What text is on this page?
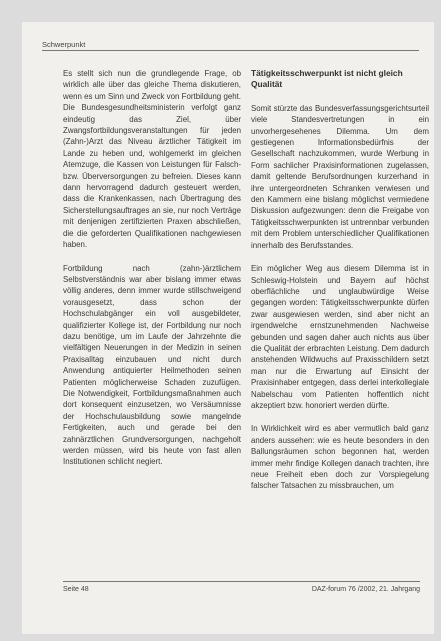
Schwerpunkt

Es stellt sich nun die grundlegende Frage, ob wirklich alle über das gleiche Thema diskutieren, wenn es um Sinn und Zweck von Fortbildung geht. Die Bundesgesundheitsministerin verfolgt ganz eindeutig das Ziel, über Zwangsfortbildungsveranstaltungen für jeden (Zahn-)Arzt das Niveau ärztlicher Tätigkeit im Lande zu heben und, wohlgemerkt im gleichen Atemzuge, die Kassen von Leistungen für Falsch- bzw. Überversorgungen zu befreien. Dieses kann dann hervorragend dadurch gesteuert werden, dass die Krankenkassen, nach Übertragung des Sicherstellungsauftrages an sie, nur noch Verträge mit denjenigen zertifizierten Praxen abschließen, die die geforderten Qualifikationen nachgewiesen haben.

Fortbildung nach (zahn-)ärztlichem Selbstverständnis war aber bislang immer etwas völlig anderes, denn immer wurde stillschweigend vorausgesetzt, dass schon der Hochschulabgänger ein voll ausgebildeter, qualifizierter Kollege ist, der Fortbildung nur noch dazu benötige, um im Laufe der Jahrzehnte die vielfältigen Neuerungen in der Medizin in seinen Praxisalltag einzubauen und nicht durch Anwendung antiquierter Heilmethoden seinen Patienten möglicherweise Schaden zuzufügen. Die Notwendigkeit, Fortbildungsmaßnahmen auch dort konsequent einzusetzen, wo Versäumnisse der Hochschulausbildung sowie mangelnde Fertigkeiten, auch und gerade bei den zahnärztlichen Grundversorgungen, nachgeholt werden müssen, wird bis heute von fast allen Institutionen schlicht negiert.

Tätigkeitsschwerpunkt ist nicht gleich Qualität

Somit stürzte das Bundesverfassungsgerichtsurteil viele Standesvertretungen in ein unvorhergesehenes Dilemma. Um dem gestiegenen Informationsbedürfnis der Gesellschaft nachzukommen, wurde Werbung in Form sachlicher Praxisinformationen zugelassen, damit geltende Berufsordnungen kurzerhand in ihre untergeordneten Schranken verwiesen und den Kammern eine bislang möglichst vermiedene Diskussion aufgezwungen: denn die Freigabe von Tätigkeitsschwerpunkten ist untrennbar verbunden mit dem Problem unterschiedlicher Qualifikationen innerhalb des Berufsstandes.

Ein möglicher Weg aus diesem Dilemma ist in Schleswig-Holstein und Bayern auf höchst oberflächliche und unglaubwürdige Weise gegangen worden: Tätigkeitsschwerpunkte dürfen zwar ausgewiesen werden, sind aber nicht an irgendwelche ernstzunehmenden Nachweise gebunden und sagen daher auch nichts aus über die Qualität der erbrachten Leistung. Dem dadurch anstehenden Wildwuchs auf Praxisschildern setzt man nur die Erwartung auf Einsicht der Praxisinhaber entgegen, dass derlei interkollegiale Nabelschau vom Patienten hoffentlich nicht akzeptiert bzw. honoriert werden dürfte.

In Wirklichkeit wird es aber vermutlich bald ganz anders aussehen: wie es heute besonders in den Ballungsräumen schon begonnen hat, werden immer mehr findige Kollegen danach trachten, ihre neue Freiheit eben doch zur Vorspiegelung falscher Tatsachen zu missbrauchen, um

Seite 48	DAZ-forum 76 /2002, 21. Jahrgang
